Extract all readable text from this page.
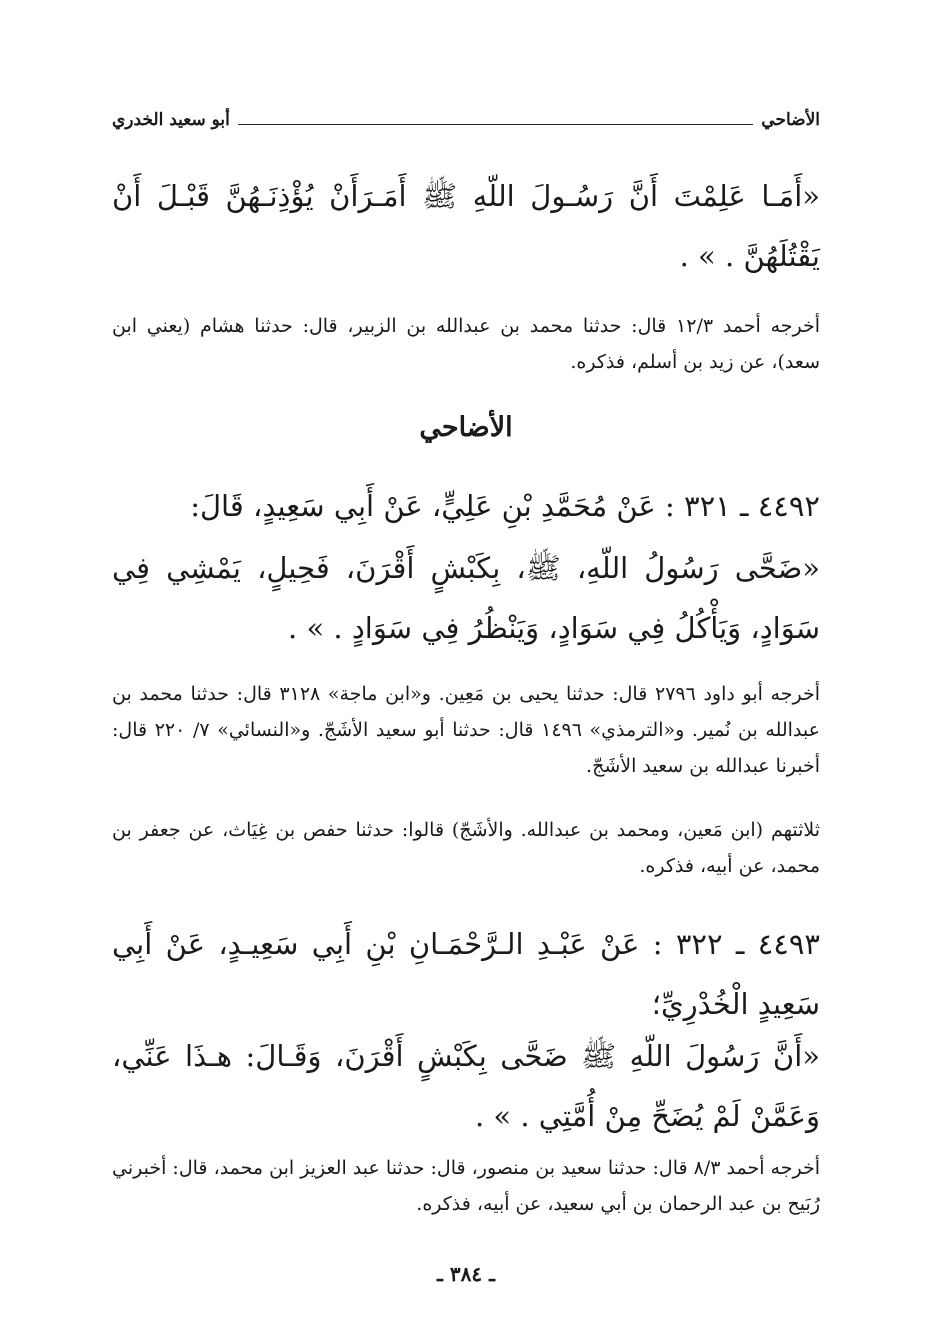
الأضاحي
أبو سعيد الخدري
«أَمَـا عَلِمْتَ أَنَّ رَسُـولَ اللّهِ ﷺ أَمَـرَأَنْ يُؤْذِنَـهُنَّ قَبْـلَ أَنْ يَقْتُلَهُنَّ . » .
أخرجه أحمد ١٢/٣ قال: حدثنا محمد بن عبدالله بن الزبير، قال: حدثنا هشام (يعني ابن سعد)، عن زيد بن أسلم، فذكره.
الأضاحي
٤٤٩٢ ـ ٣٢١ : عَنْ مُحَمَّدِ بْنِ عَلِيٍّ، عَنْ أَبِي سَعِيدٍ، قَالَ:
«ضَحَّى رَسُولُ اللّهِ، ﷺ، بِكَبْشٍ أَقْرَنَ، فَحِيلٍ، يَمْشِي فِي سَوَادٍ، وَيَأْكُلُ فِي سَوَادٍ، وَيَنْظُرُ فِي سَوَادٍ . » .
أخرجه أبو داود ٢٧٩٦ قال: حدثنا يحيى بن مَعِين. و«ابن ماجة» ٣١٢٨ قال: حدثنا محمد بن عبدالله بن نُمير. و«الترمذي» ١٤٩٦ قال: حدثنا أبو سعيد الأشَجّ. و«النسائي» ٧/ ٢٢٠ قال: أخبرنا عبدالله بن سعيد الأشَجّ.
ثلاثتهم (ابن مَعين، ومحمد بن عبدالله. والأشَجّ) قالوا: حدثنا حفص بن غِيَاث، عن جعفر بن محمد، عن أبيه، فذكره.
٤٤٩٣ ـ ٣٢٢ : عَنْ عَبْـدِ الـرَّحْمَـانِ بْنِ أَبِي سَعِيـدٍ، عَنْ أَبِي سَعِيدٍ الْخُدْرِيِّ؛
«أَنَّ رَسُولَ اللّهِ ﷺ ضَحَّى بِكَبْشٍ أَقْرَنَ، وَقَـالَ: هـذَا عَنِّي، وَعَمَّنْ لَمْ يُضَحِّ مِنْ أُمَّتِي . » .
أخرجه أحمد ٨/٣ قال: حدثنا سعيد بن منصور، قال: حدثنا عبد العزيز ابن محمد، قال: أخبرني رُبَيح بن عبد الرحمان بن أبي سعيد، عن أبيه، فذكره.
ـ ٣٨٤ ـ
